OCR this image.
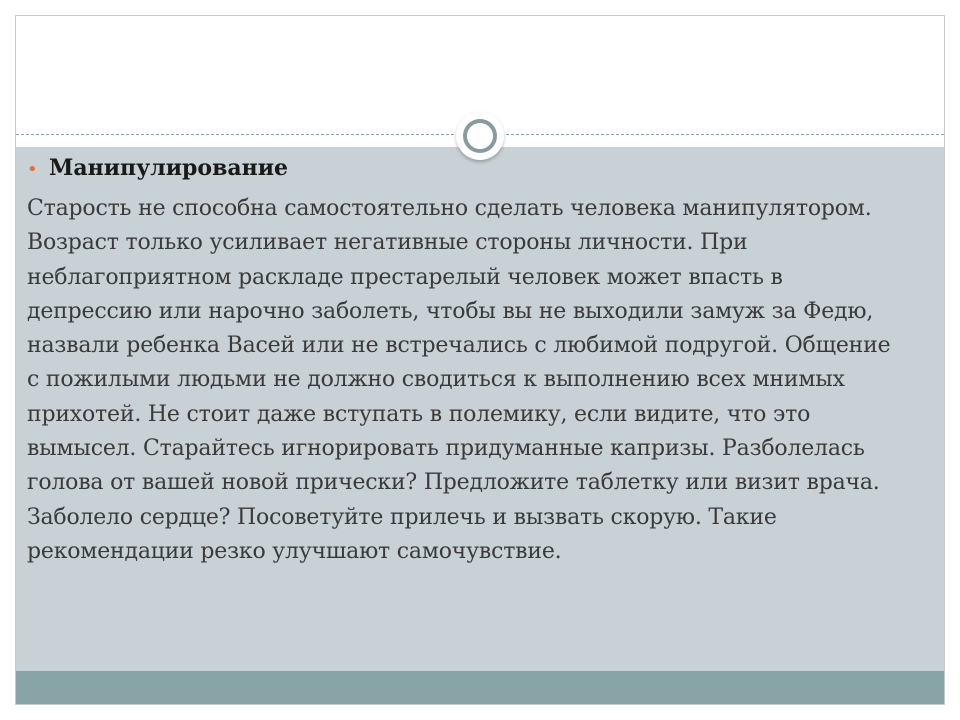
• Манипулирование

Старость не способна самостоятельно сделать человека манипулятором. Возраст только усиливает негативные стороны личности. При неблагоприятном раскладе престарелый человек может впасть в депрессию или нарочно заболеть, чтобы вы не выходили замуж за Федю, назвали ребенка Васей или не встречались с любимой подругой. Общение с пожилыми людьми не должно сводиться к выполнению всех мнимых прихотей. Не стоит даже вступать в полемику, если видите, что это вымысел. Старайтесь игнорировать придуманные капризы. Разболелась голова от вашей новой прически? Предложите таблетку или визит врача. Заболело сердце? Посоветуйте прилечь и вызвать скорую. Такие рекомендации резко улучшают самочувствие.
